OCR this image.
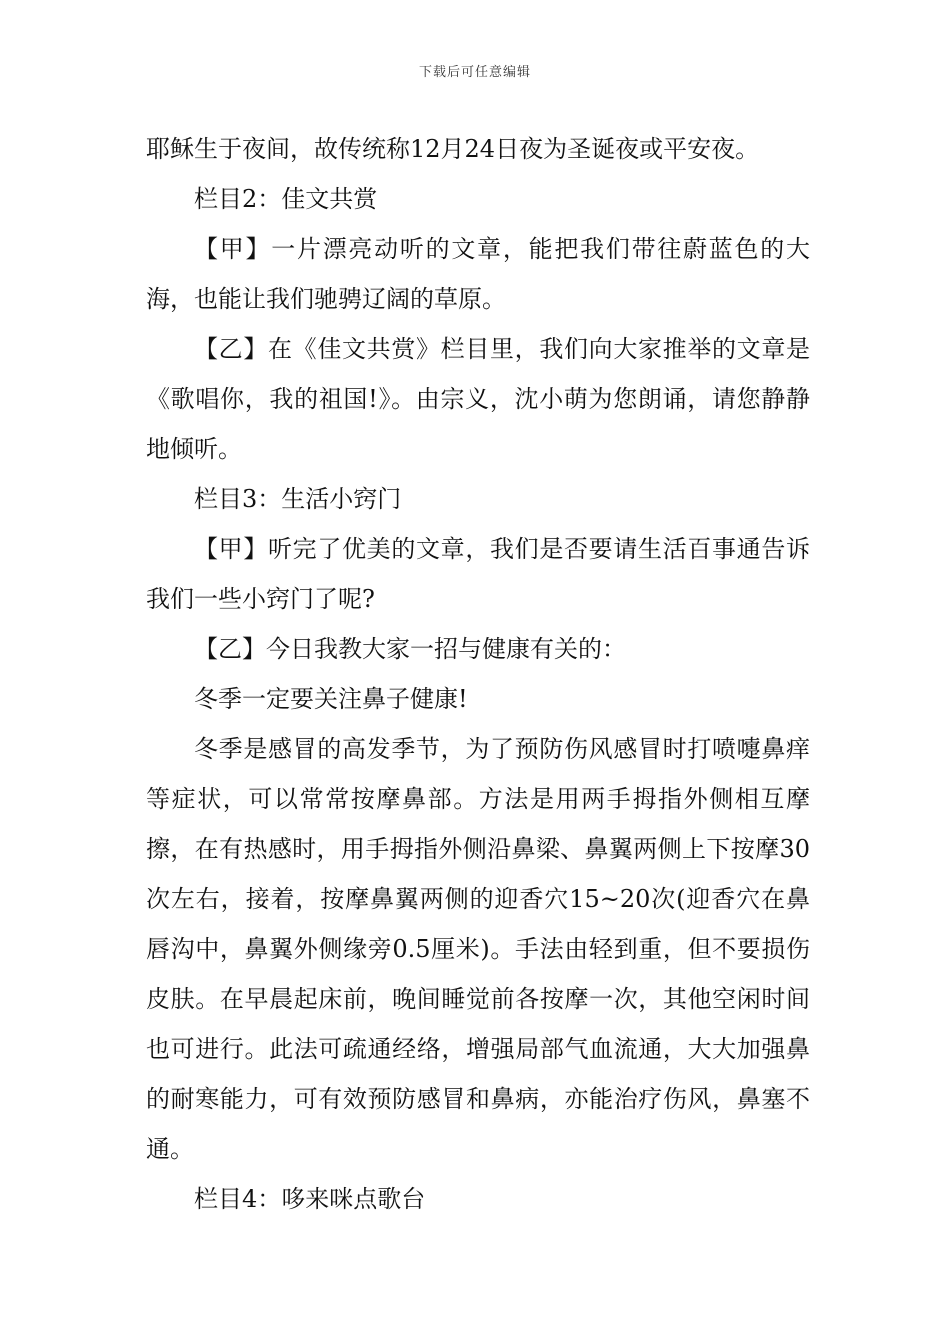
下载后可任意编辑

耶稣生于夜间，故传统称12月24日夜为圣诞夜或平安夜。

栏目2：佳文共赏

【甲】一片漂亮动听的文章，能把我们带往蔚蓝色的大海，也能让我们驰骋辽阔的草原。

【乙】在《佳文共赏》栏目里，我们向大家推举的文章是《歌唱你，我的祖国!》。由宗义，沈小萌为您朗诵，请您静静地倾听。

栏目3：生活小窍门

【甲】听完了优美的文章，我们是否要请生活百事通告诉我们一些小窍门了呢?

【乙】今日我教大家一招与健康有关的：

冬季一定要关注鼻子健康!

冬季是感冒的高发季节，为了预防伤风感冒时打喷嚏鼻痒等症状，可以常常按摩鼻部。方法是用两手拇指外侧相互摩擦，在有热感时，用手拇指外侧沿鼻梁、鼻翼两侧上下按摩30次左右，接着，按摩鼻翼两侧的迎香穴15~20次(迎香穴在鼻唇沟中，鼻翼外侧缘旁0.5厘米)。手法由轻到重，但不要损伤皮肤。在早晨起床前，晚间睡觉前各按摩一次，其他空闲时间也可进行。此法可疏通经络，增强局部气血流通，大大加强鼻的耐寒能力，可有效预防感冒和鼻病，亦能治疗伤风，鼻塞不通。

栏目4：哆来咪点歌台
